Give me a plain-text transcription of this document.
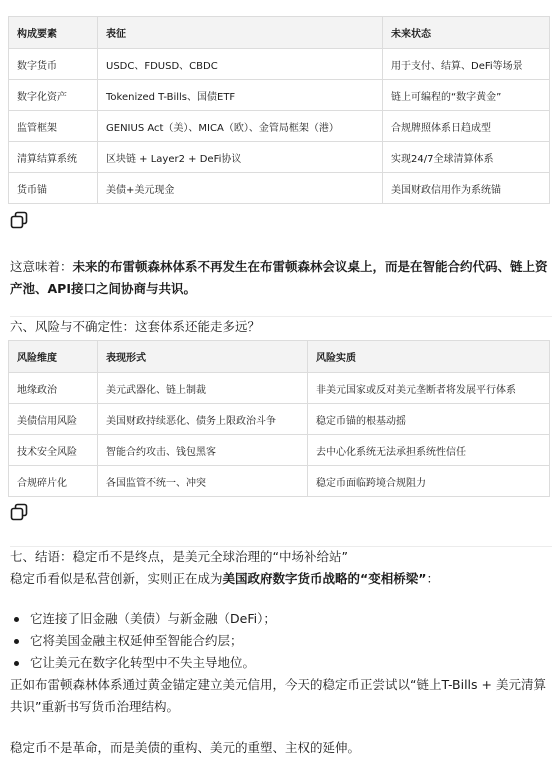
构成要素	表征	未来状态
数字货币	USDC、FDUSD、CBDC	用于支付、结算、DeFi等场景
数字化资产	Tokenized T-Bills、国债ETF	链上可编程的“数字黄金”
监管框架	GENIUS Act（美）、MICA（欧）、金管局框架（港）	合规牌照体系日趋成型
清算结算系统	区块链 + Layer2 + DeFi协议	实现24/7全球清算体系
货币锚	美债+美元现金	美国财政信用作为系统锚
这意味着：未来的布雷顿森林体系不再发生在布雷顿森林会议桌上，而是在智能合约代码、链上资
产池、API接口之间协商与共识。
六、风险与不确定性：这套体系还能走多远？
风险维度	表现形式	风险实质
地缘政治	美元武器化、链上制裁	非美元国家或反对美元垄断者将发展平行体系
美债信用风险	美国财政持续恶化、债务上限政治斗争	稳定币锚的根基动摇
技术安全风险	智能合约攻击、钱包黑客	去中心化系统无法承担系统性信任
合规碎片化	各国监管不统一、冲突	稳定币面临跨境合规阻力
七、结语：稳定币不是终点，是美元全球治理的“中场补给站”
稳定币看似是私营创新，实则正在成为美国政府数字货币战略的“变相桥梁”：
它连接了旧金融（美债）与新金融（DeFi）；
它将美国金融主权延伸至智能合约层；
它让美元在数字化转型中不失主导地位。
正如布雷顿森林体系通过黄金锚定建立美元信用，今天的稳定币正尝试以“链上T-Bills + 美元清算
共识”重新书写货币治理结构。
稳定币不是革命，而是美债的重构、美元的重塑、主权的延伸。
